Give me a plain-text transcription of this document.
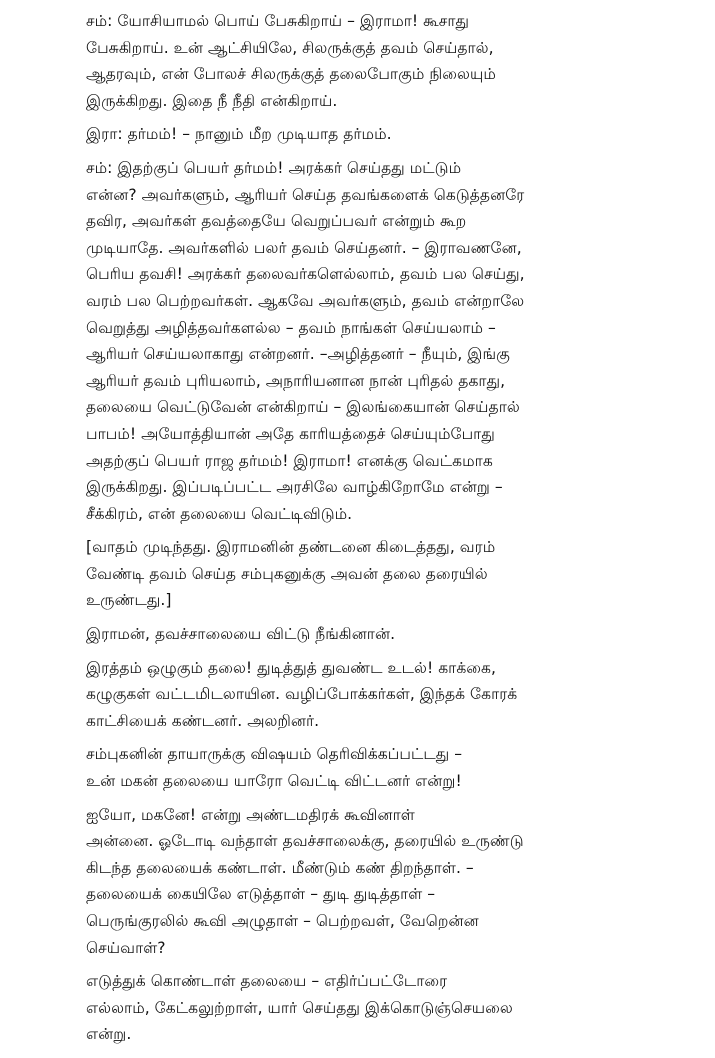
சம்: யோசியாமல் பொய் பேசுகிறாய் – இராமா! கூசாது
பேசுகிறாய். உன் ஆட்சியிலே, சிலருக்குத் தவம் செய்தால்,
ஆதரவும், என் போலச் சிலருக்குத் தலைபோகும் நிலையும்
இருக்கிறது. இதை நீ நீதி என்கிறாய்.

இரா: தர்மம்! – நானும் மீற முடியாத தர்மம்.

சம்: இதற்குப் பெயர் தர்மம்! அரக்கர் செய்தது மட்டும்
என்ன? அவர்களும், ஆரியர் செய்த தவங்களைக் கெடுத்தனரே
தவிர, அவர்கள் தவத்தையே வெறுப்பவர் என்றும் கூற
முடியாதே. அவர்களில் பலர் தவம் செய்தனர். – இராவணனே,
பெரிய தவசி! அரக்கர் தலைவர்களெல்லாம், தவம் பல செய்து,
வரம் பல பெற்றவர்கள். ஆகவே அவர்களும், தவம் என்றாலே
வெறுத்து அழித்தவர்களல்ல – தவம் நாங்கள் செய்யலாம் –
ஆரியர் செய்யலாகாது என்றனர். –அழித்தனர் – நீயும், இங்கு
ஆரியர் தவம் புரியலாம், அநாரியனான நான் புரிதல் தகாது,
தலையை வெட்டுவேன் என்கிறாய் – இலங்கையான் செய்தால்
பாபம்! அயோத்தியான் அதே காரியத்தைச் செய்யும்போது
அதற்குப் பெயர் ராஜ தர்மம்! இராமா! எனக்கு வெட்கமாக
இருக்கிறது. இப்படிப்பட்ட அரசிலே வாழ்கிறோமே என்று –
சீக்கிரம், என் தலையை வெட்டிவிடும்.

[வாதம் முடிந்தது. இராமனின் தண்டனை கிடைத்தது, வரம்
வேண்டி தவம் செய்த சம்புகனுக்கு அவன் தலை தரையில்
உருண்டது.]

இராமன், தவச்சாலையை விட்டு நீங்கினான்.

இரத்தம் ஒழுகும் தலை! துடித்துத் துவண்ட உடல்! காக்கை,
கழுகுகள் வட்டமிடலாயின. வழிப்போக்கர்கள், இந்தக் கோரக்
காட்சியைக் கண்டனர். அலறினர்.

சம்புகனின் தாயாருக்கு விஷயம் தெரிவிக்கப்பட்டது –
உன் மகன் தலையை யாரோ வெட்டி விட்டனர் என்று!

ஐயோ, மகனே! என்று அண்டமதிரக் கூவினாள்
அன்னை. ஓடோடி வந்தாள் தவச்சாலைக்கு, தரையில் உருண்டு
கிடந்த தலையைக் கண்டாள். மீண்டும் கண் திறந்தாள். –
தலையைக் கையிலே எடுத்தாள் – துடி துடித்தாள் –
பெருங்குரலில் கூவி அழுதாள் – பெற்றவள், வேறென்ன
செய்வாள்?

எடுத்துக் கொண்டாள் தலையை – எதிர்ப்பட்டோரை
எல்லாம், கேட்கலுற்றாள், யார் செய்தது இக்கொடுஞ்செயலை
என்று.
